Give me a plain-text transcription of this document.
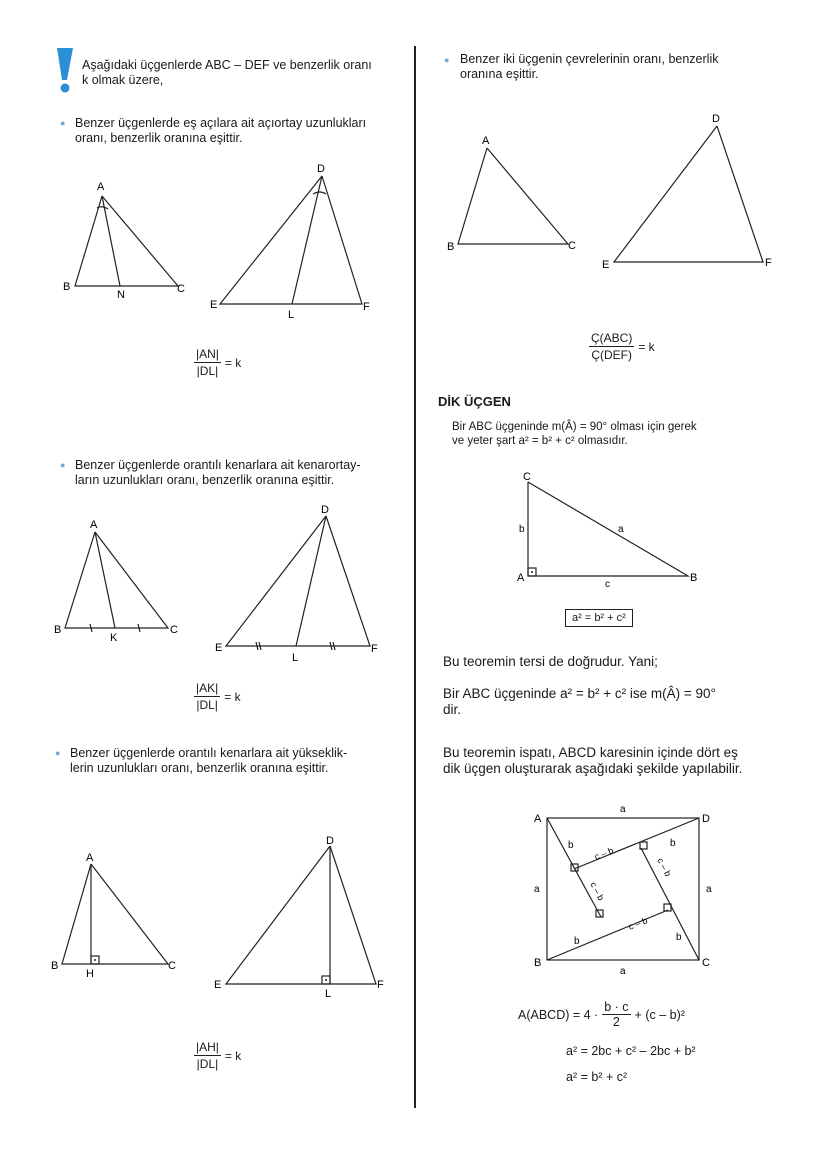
Aşağıdaki üçgenlerde ABC – DEF ve benzerlik oranı
k olmak üzere,
● Benzer üçgenlerde eş açılara ait açıortay uzunlukları
oranı, benzerlik oranına eşittir.
A
B	C
N
D
E	F
L
$\frac{|AN|}{|DL|} = k$
● Benzer üçgenlerde orantılı kenarlara ait kenarortay-
ların uzunlukları oranı, benzerlik oranına eşittir.
A
B	C
K
D
E	F
L
$\frac{|AK|}{|DL|} = k$
● Benzer üçgenlerde orantılı kenarlara ait yükseklik-
lerin uzunlukları oranı, benzerlik oranına eşittir.
A
B	C
H
D
E	F
L
$\frac{|AH|}{|DL|} = k$
● Benzer iki üçgenin çevrelerinin oranı, benzerlik
oranına eşittir.
A
B	C
D
E	F
$\frac{\text{Ç(ABC)}}{\text{Ç(DEF)}} = k$
DİK ÜÇGEN
Bir ABC üçgeninde m(Â) = 90° olması için gerek
ve yeter şart a² = b² + c² olmasıdır.
C
A	B
b	a
c
a² = b² + c²
Bu teoremin tersi de doğrudur. Yani;
Bir ABC üçgeninde a² = b² + c² ise m(Â) = 90°
dir.
Bu teoremin ispatı, ABCD karesinin içinde dört eş
dik üçgen oluşturarak aşağıdaki şekilde yapılabilir.
A	D
B	C
a
a
a	a
b	b
b
b
c – b
c – b
c – b
c – b
A(ABCD) = $4 \cdot \frac{b \cdot c}{2} + (c - b)^2$
a² = 2bc + c² – 2bc + b²
a² = b² + c²
